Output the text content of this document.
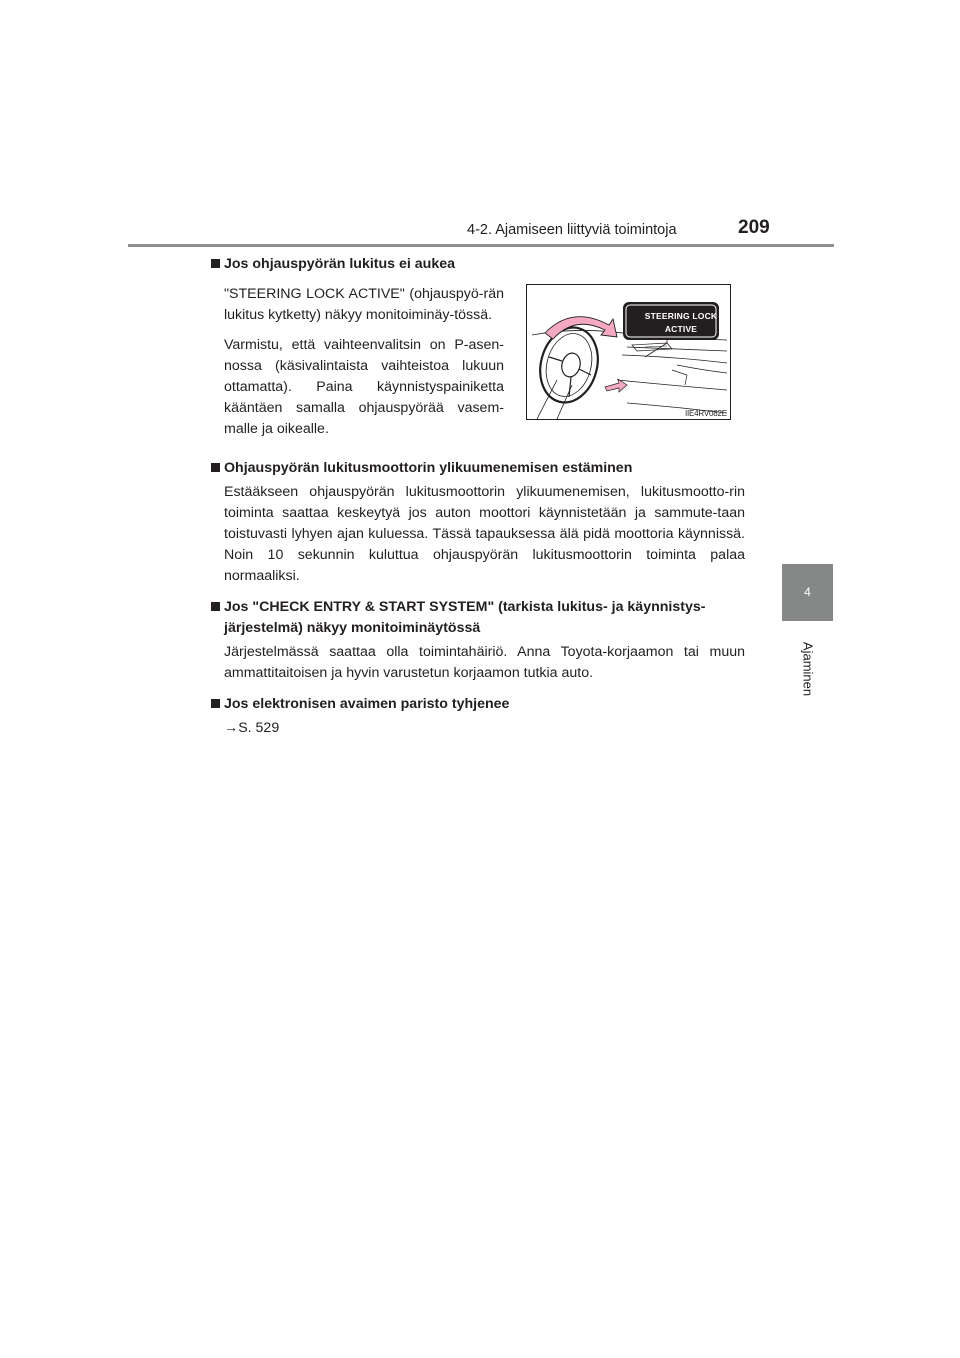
4-2. Ajamiseen liittyviä toimintoja	209
4
Ajaminen

Jos ohjauspyörän lukitus ei aukea

"STEERING LOCK ACTIVE" (ohjauspyö-rän lukitus kytketty) näkyy monitoiminäy-tössä.

Varmistu, että vaihteenvalitsin on P-asen-nossa (käsivalintaista vaihteistoa lukuun ottamatta). Paina käynnistyspainiketta kääntäen samalla ohjauspyörää vasem-malle ja oikealle.

STEERING LOCK
ACTIVE
IIE4RV082E

Ohjauspyörän lukitusmoottorin ylikuumenemisen estäminen

Estääkseen ohjauspyörän lukitusmoottorin ylikuumenemisen, lukitusmootto-rin toiminta saattaa keskeytyä jos auton moottori käynnistetään ja sammute-taan toistuvasti lyhyen ajan kuluessa. Tässä tapauksessa älä pidä moottoria käynnissä. Noin 10 sekunnin kuluttua ohjauspyörän lukitusmoottorin toiminta palaa normaaliksi.

Jos "CHECK ENTRY & START SYSTEM" (tarkista lukitus- ja käynnistys-järjestelmä) näkyy monitoiminäytössä

Järjestelmässä saattaa olla toimintahäiriö. Anna Toyota-korjaamon tai muun ammattitaitoisen ja hyvin varustetun korjaamon tutkia auto.

Jos elektronisen avaimen paristo tyhjenee

→S. 529
